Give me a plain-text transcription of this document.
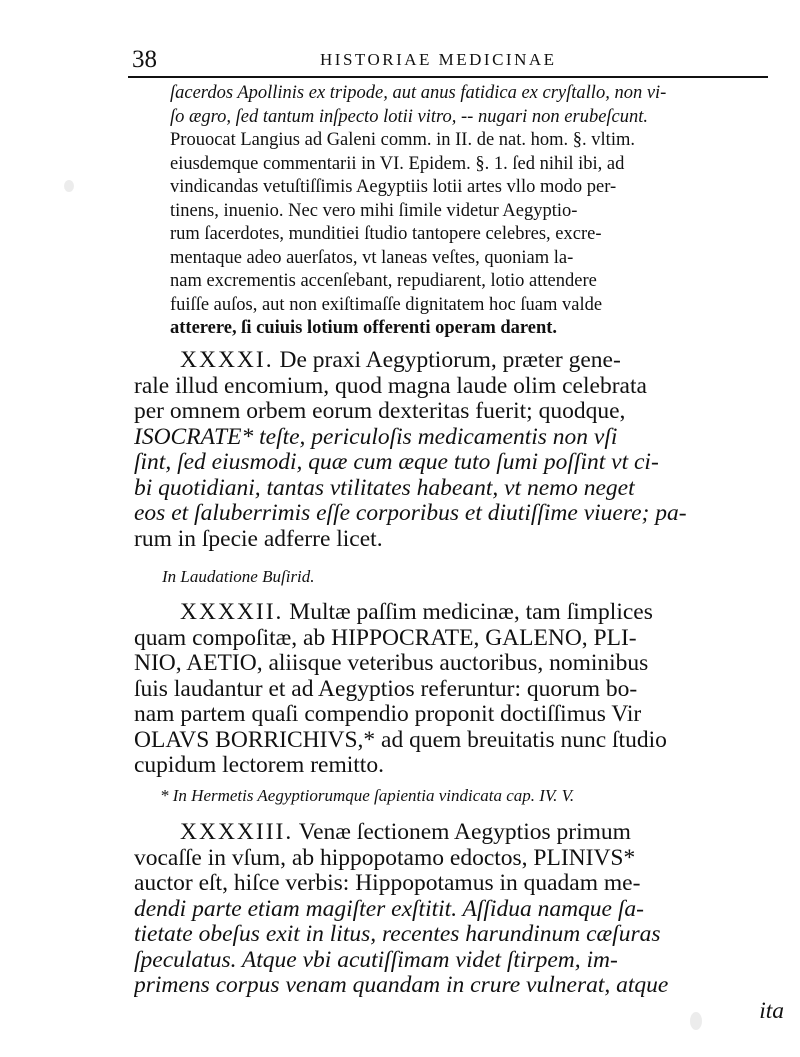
38	HISTORIAE MEDICINAE
ſacerdos Apollinis ex tripode, aut anus fatidica ex cryſtallo, non vi-
ſo ægro, ſed tantum inſpecto lotii vitro, -- nugari non erubeſcunt.
Prouocat Langius ad Galeni comm. in II. de nat. hom. §. vltim.
eiusdemque commentarii in VI. Epidem. §. 1. ſed nihil ibi, ad
vindicandas vetuſtiſſimis Aegyptiis lotii artes vllo modo per-
tinens, inuenio. Nec vero mihi ſimile videtur Aegyptio-
rum ſacerdotes, munditiei ſtudio tantopere celebres, excre-
mentaque adeo auerſatos, vt laneas veſtes, quoniam la-
nam excrementis accenſebant, repudiarent, lotio attendere
fuiſſe auſos, aut non exiſtimaſſe dignitatem hoc ſuam valde
atterere, ſi cuiuis lotium offerenti operam darent.
XXXXI. De praxi Aegyptiorum, præter gene-
rale illud encomium, quod magna laude olim celebrata
per omnem orbem eorum dexteritas fuerit; quodque,
ISOCRATE* teſte, periculoſis medicamentis non vſi
ſint, ſed eiusmodi, quæ cum æque tuto ſumi poſſint vt ci-
bi quotidiani, tantas vtilitates habeant, vt nemo neget
eos et ſaluberrimis eſſe corporibus et diutiſſime viuere; pa-
rum in ſpecie adferre licet.
In Laudatione Buſirid.
XXXXII. Multæ paſſim medicinæ, tam ſimplices
quam compoſitæ, ab HIPPOCRATE, GALENO, PLI-
NIO, AETIO, aliisque veteribus auctoribus, nominibus
ſuis laudantur et ad Aegyptios referuntur: quorum bo-
nam partem quaſi compendio proponit doctiſſimus Vir
OLAVS BORRICHIVS,* ad quem breuitatis nunc ſtudio
cupidum lectorem remitto.
* In Hermetis Aegyptiorumque ſapientia vindicata cap. IV. V.
XXXXIII. Venæ ſectionem Aegyptios primum
vocaſſe in vſum, ab hippopotamo edoctos, PLINIVS*
auctor eſt, hiſce verbis: Hippopotamus in quadam me-
dendi parte etiam magiſter exſtitit. Aſſidua namque ſa-
tietate obeſus exit in litus, recentes harundinum cæſuras
ſpeculatus. Atque vbi acutiſſimam videt ſtirpem, im-
primens corpus venam quandam in crure vulnerat, atque
ita
